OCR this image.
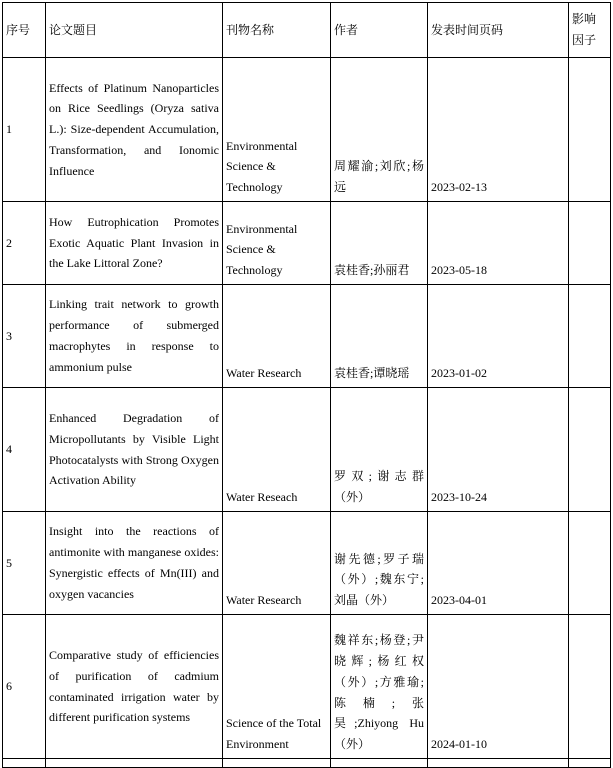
序号	论文题目	刊物名称	作者	发表时间页码	影响因子
1	Effects of Platinum Nanoparticles on Rice Seedlings (Oryza sativa L.): Size-dependent Accumulation, Transformation, and Ionomic Influence	Environmental Science & Technology	周耀渝;刘欣;杨远	2023-02-13	
2	How Eutrophication Promotes Exotic Aquatic Plant Invasion in the Lake Littoral Zone?	Environmental Science & Technology	袁桂香;孙丽君	2023-05-18	
3	Linking trait network to growth performance of submerged macrophytes in response to ammonium pulse	Water Research	袁桂香;谭晓瑶	2023-01-02	
4	Enhanced Degradation of Micropollutants by Visible Light Photocatalysts with Strong Oxygen Activation Ability	Water Reseach	罗双;谢志群（外）	2023-10-24	
5	Insight into the reactions of antimonite with manganese oxides: Synergistic effects of Mn(III) and oxygen vacancies	Water Research	谢先德;罗子瑞（外）;魏东宁;刘晶（外）	2023-04-01	
6	Comparative study of efficiencies of purification of cadmium contaminated irrigation water by different purification systems	Science of the Total Environment	魏祥东;杨登;尹晓辉;杨红权（外）;方雅瑜;陈楠;张昊;Zhiyong Hu（外）	2024-01-10	
